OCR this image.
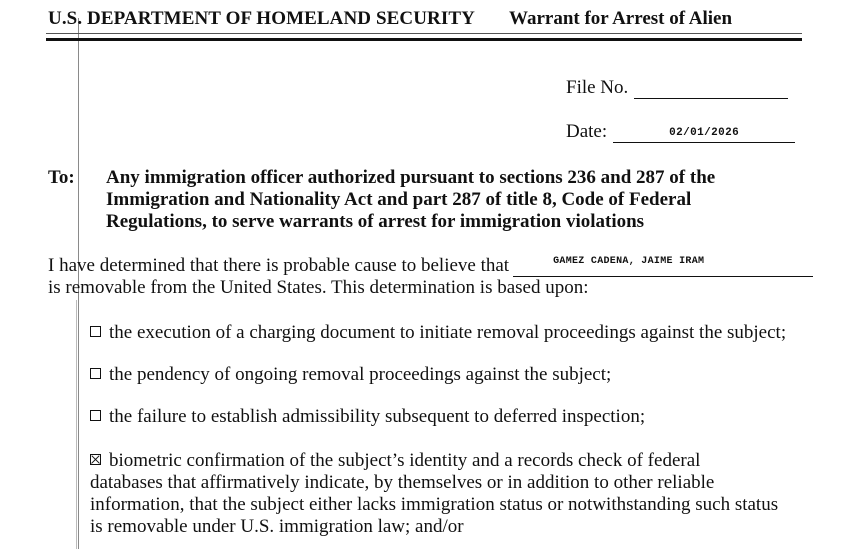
U.S. DEPARTMENT OF HOMELAND SECURITY Warrant for Arrest of Alien
File No.
Date:	02/01/2026
To: Any immigration officer authorized pursuant to sections 236 and 287 of the
Immigration and Nationality Act and part 287 of title 8, Code of Federal
Regulations, to serve warrants of arrest for immigration violations
I have determined that there is probable cause to believe that	GAMEZ CADENA, JAIME IRAM
is removable from the United States. This determination is based upon:
the execution of a charging document to initiate removal proceedings against the subject;
the pendency of ongoing removal proceedings against the subject;
the failure to establish admissibility subsequent to deferred inspection;
biometric confirmation of the subject’s identity and a records check of federal
databases that affirmatively indicate, by themselves or in addition to other reliable
information, that the subject either lacks immigration status or notwithstanding such status
is removable under U.S. immigration law; and/or
